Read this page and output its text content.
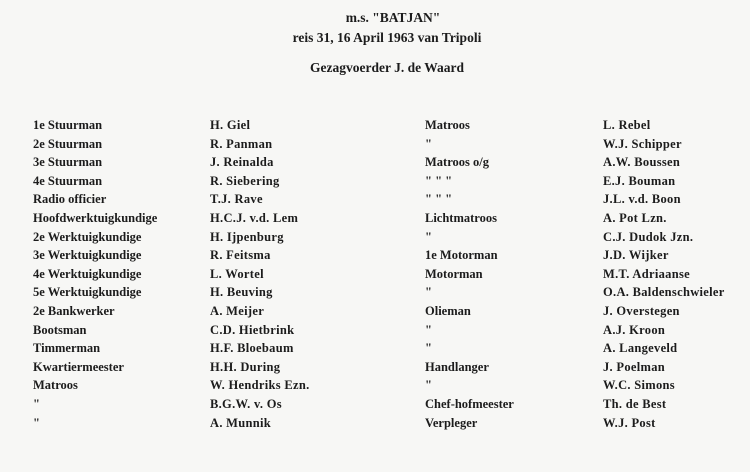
m.s. "BATJAN"
reis 31, 16 April 1963 van Tripoli
Gezagvoerder J. de Waard
1e Stuurman
2e Stuurman
3e Stuurman
4e Stuurman
Radio officier
Hoofdwerktuigkundige
2e Werktuigkundige
3e Werktuigkundige
4e Werktuigkundige
5e Werktuigkundige
2e Bankwerker
Bootsman
Timmerman
Kwartiermeester
Matroos
"
"
H. Giel
R. Panman
J. Reinalda
R. Siebering
T.J. Rave
H.C.J. v.d. Lem
H. Ijpenburg
R. Feitsma
L. Wortel
H. Beuving
A. Meijer
C.D. Hietbrink
H.F. Bloebaum
H.H. During
W. Hendriks Ezn.
B.G.W. v. Os
A. Munnik
Matroos
"
Matroos o/g
" " "
" " "
Lichtmatroos
"
1e Motorman
Motorman
"
Olieman
"
"
Handlanger
"
Chef-hofmeester
Verpleger
L. Rebel
W.J. Schipper
A.W. Boussen
E.J. Bouman
J.L. v.d. Boon
A. Pot Lzn.
C.J. Dudok Jzn.
J.D. Wijker
M.T. Adriaanse
O.A. Baldenschwieler
J. Overstegen
A.J. Kroon
A. Langeveld
J. Poelman
W.C. Simons
Th. de Best
W.J. Post
